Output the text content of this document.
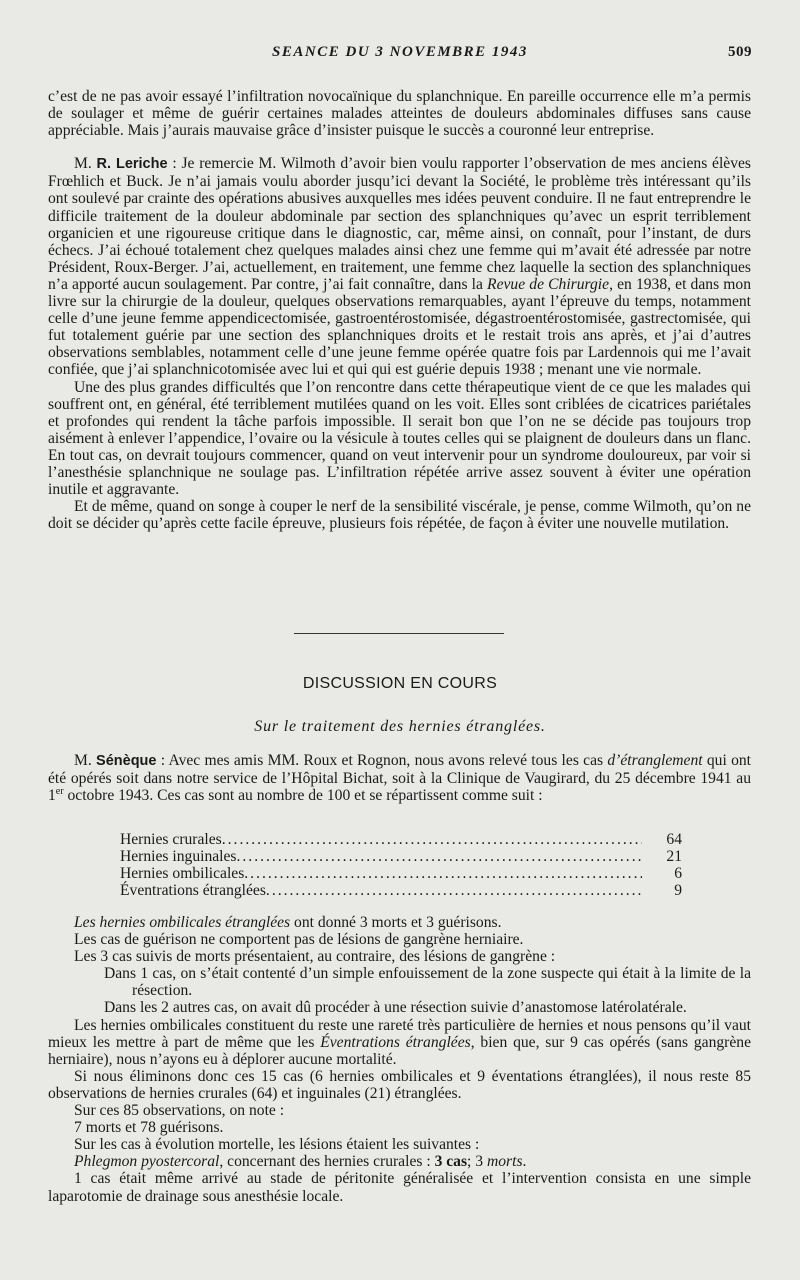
SEANCE DU 3 NOVEMBRE 1943	509

c’est de ne pas avoir essayé l’infiltration novocaïnique du splanchnique. En pareille occurrence elle m’a permis de soulager et même de guérir certaines malades atteintes de douleurs abdominales diffuses sans cause appréciable. Mais j’aurais mauvaise grâce d’insister puisque le succès a couronné leur entreprise.

M. R. Leriche : Je remercie M. Wilmoth d’avoir bien voulu rapporter l’observation de mes anciens élèves Frœhlich et Buck. Je n’ai jamais voulu aborder jusqu’ici devant la Société, le problème très intéressant qu’ils ont soulevé par crainte des opérations abusives auxquelles mes idées peuvent conduire. Il ne faut entreprendre le difficile traitement de la douleur abdominale par section des splanchniques qu’avec un esprit terriblement organicien et une rigoureuse critique dans le diagnostic, car, même ainsi, on connaît, pour l’instant, de durs échecs. J’ai échoué totalement chez quelques malades ainsi chez une femme qui m’avait été adressée par notre Président, Roux-Berger. J’ai, actuellement, en traitement, une femme chez laquelle la section des splanchniques n’a apporté aucun soulagement. Par contre, j’ai fait connaître, dans la Revue de Chirurgie, en 1938, et dans mon livre sur la chirurgie de la douleur, quelques observations remarquables, ayant l’épreuve du temps, notamment celle d’une jeune femme appendicectomisée, gastroentérostomisée, dégastroentérostomisée, gastrectomisée, qui fut totalement guérie par une section des splanchniques droits et le restait trois ans après, et j’ai d’autres observations semblables, notamment celle d’une jeune femme opérée quatre fois par Lardennois qui me l’avait confiée, que j’ai splanchnicotomisée avec lui et qui qui est guérie depuis 1938 ; menant une vie normale.

Une des plus grandes difficultés que l’on rencontre dans cette thérapeutique vient de ce que les malades qui souffrent ont, en général, été terriblement mutilées quand on les voit. Elles sont criblées de cicatrices pariétales et profondes qui rendent la tâche parfois impossible. Il serait bon que l’on ne se décide pas toujours trop aisément à enlever l’appendice, l’ovaire ou la vésicule à toutes celles qui se plaignent de douleurs dans un flanc. En tout cas, on devrait toujours commencer, quand on veut intervenir pour un syndrome douloureux, par voir si l’anesthésie splanchnique ne soulage pas. L’infiltration répétée arrive assez souvent à éviter une opération inutile et aggravante.

Et de même, quand on songe à couper le nerf de la sensibilité viscérale, je pense, comme Wilmoth, qu’on ne doit se décider qu’après cette facile épreuve, plusieurs fois répétée, de façon à éviter une nouvelle mutilation.

DISCUSSION EN COURS
Sur le traitement des hernies étranglées.

M. Sénèque : Avec mes amis MM. Roux et Rognon, nous avons relevé tous les cas d’étranglement qui ont été opérés soit dans notre service de l’Hôpital Bichat, soit à la Clinique de Vaugirard, du 25 décembre 1941 au 1er octobre 1943. Ces cas sont au nombre de 100 et se répartissent comme suit :

Hernies crurales .....	64
Hernies inguinales .....	21
Hernies ombilicales .....	6
Éventrations étranglées .....	9

Les hernies ombilicales étranglées ont donné 3 morts et 3 guérisons.

Les cas de guérison ne comportent pas de lésions de gangrène herniaire.

Les 3 cas suivis de morts présentaient, au contraire, des lésions de gangrène :

Dans 1 cas, on s’était contenté d’un simple enfouissement de la zone suspecte qui était à la limite de la résection.

Dans les 2 autres cas, on avait dû procéder à une résection suivie d’anastomose latérolatérale.

Les hernies ombilicales constituent du reste une rareté très particulière de hernies et nous pensons qu’il vaut mieux les mettre à part de même que les Éventrations étranglées, bien que, sur 9 cas opérés (sans gangrène herniaire), nous n’ayons eu à déplorer aucune mortalité.

Si nous éliminons donc ces 15 cas (6 hernies ombilicales et 9 éventations étranglées), il nous reste 85 observations de hernies crurales (64) et inguinales (21) étranglées.

Sur ces 85 observations, on note :

7 morts et 78 guérisons.

Sur les cas à évolution mortelle, les lésions étaient les suivantes :

Phlegmon pyostercoral, concernant des hernies crurales : 3 cas; 3 morts.

1 cas était même arrivé au stade de péritonite généralisée et l’intervention consista en une simple laparotomie de drainage sous anesthésie locale.
